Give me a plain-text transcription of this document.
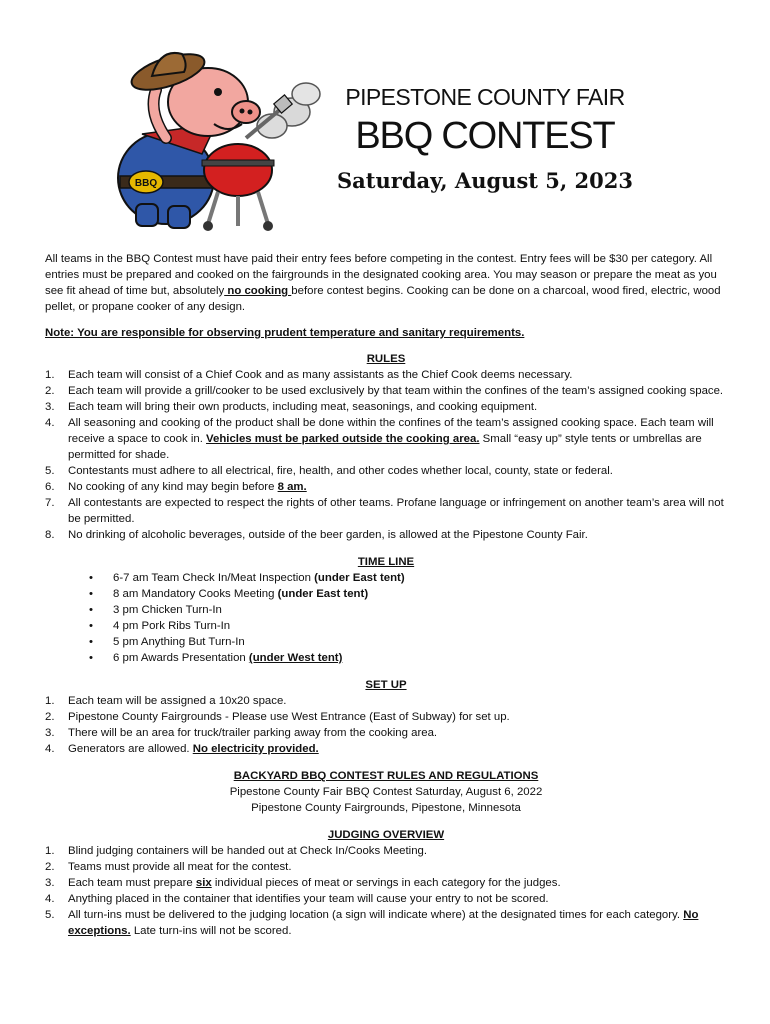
BBQ
PIPESTONE COUNTY FAIR
BBQ CONTEST
Saturday, August 5, 2023

All teams in the BBQ Contest must have paid their entry fees before competing in the contest. Entry fees will be $30 per category. All entries must be prepared and cooked on the fairgrounds in the designated cooking area. You may season or prepare the meat as you see fit ahead of time but, absolutely no cooking before contest begins. Cooking can be done on a charcoal, wood fired, electric, wood pellet, or propane cooker of any design.

Note: You are responsible for observing prudent temperature and sanitary requirements.

RULES

1. Each team will consist of a Chief Cook and as many assistants as the Chief Cook deems necessary.
2. Each team will provide a grill/cooker to be used exclusively by that team within the confines of the team’s assigned cooking space.
3. Each team will bring their own products, including meat, seasonings, and cooking equipment.
4. All seasoning and cooking of the product shall be done within the confines of the team’s assigned cooking space. Each team will receive a space to cook in. Vehicles must be parked outside the cooking area. Small “easy up” style tents or umbrellas are permitted for shade.
5. Contestants must adhere to all electrical, fire, health, and other codes whether local, county, state or federal.
6. No cooking of any kind may begin before 8 am.
7. All contestants are expected to respect the rights of other teams. Profane language or infringement on another team’s area will not be permitted.
8. No drinking of alcoholic beverages, outside of the beer garden, is allowed at the Pipestone County Fair.

TIME LINE

• 6-7 am Team Check In/Meat Inspection (under East tent)
• 8 am Mandatory Cooks Meeting (under East tent)
• 3 pm Chicken Turn-In
• 4 pm Pork Ribs Turn-In
• 5 pm Anything But Turn-In
• 6 pm Awards Presentation (under West tent)

SET UP

1. Each team will be assigned a 10x20 space.
2. Pipestone County Fairgrounds - Please use West Entrance (East of Subway) for set up.
3. There will be an area for truck/trailer parking away from the cooking area.
4. Generators are allowed. No electricity provided.

BACKYARD BBQ CONTEST RULES AND REGULATIONS

Pipestone County Fair BBQ Contest Saturday, August 6, 2022

Pipestone County Fairgrounds, Pipestone, Minnesota

JUDGING OVERVIEW

1. Blind judging containers will be handed out at Check In/Cooks Meeting.
2. Teams must provide all meat for the contest.
3. Each team must prepare six individual pieces of meat or servings in each category for the judges.
4. Anything placed in the container that identifies your team will cause your entry to not be scored.
5. All turn-ins must be delivered to the judging location (a sign will indicate where) at the designated times for each category. No exceptions. Late turn-ins will not be scored.
